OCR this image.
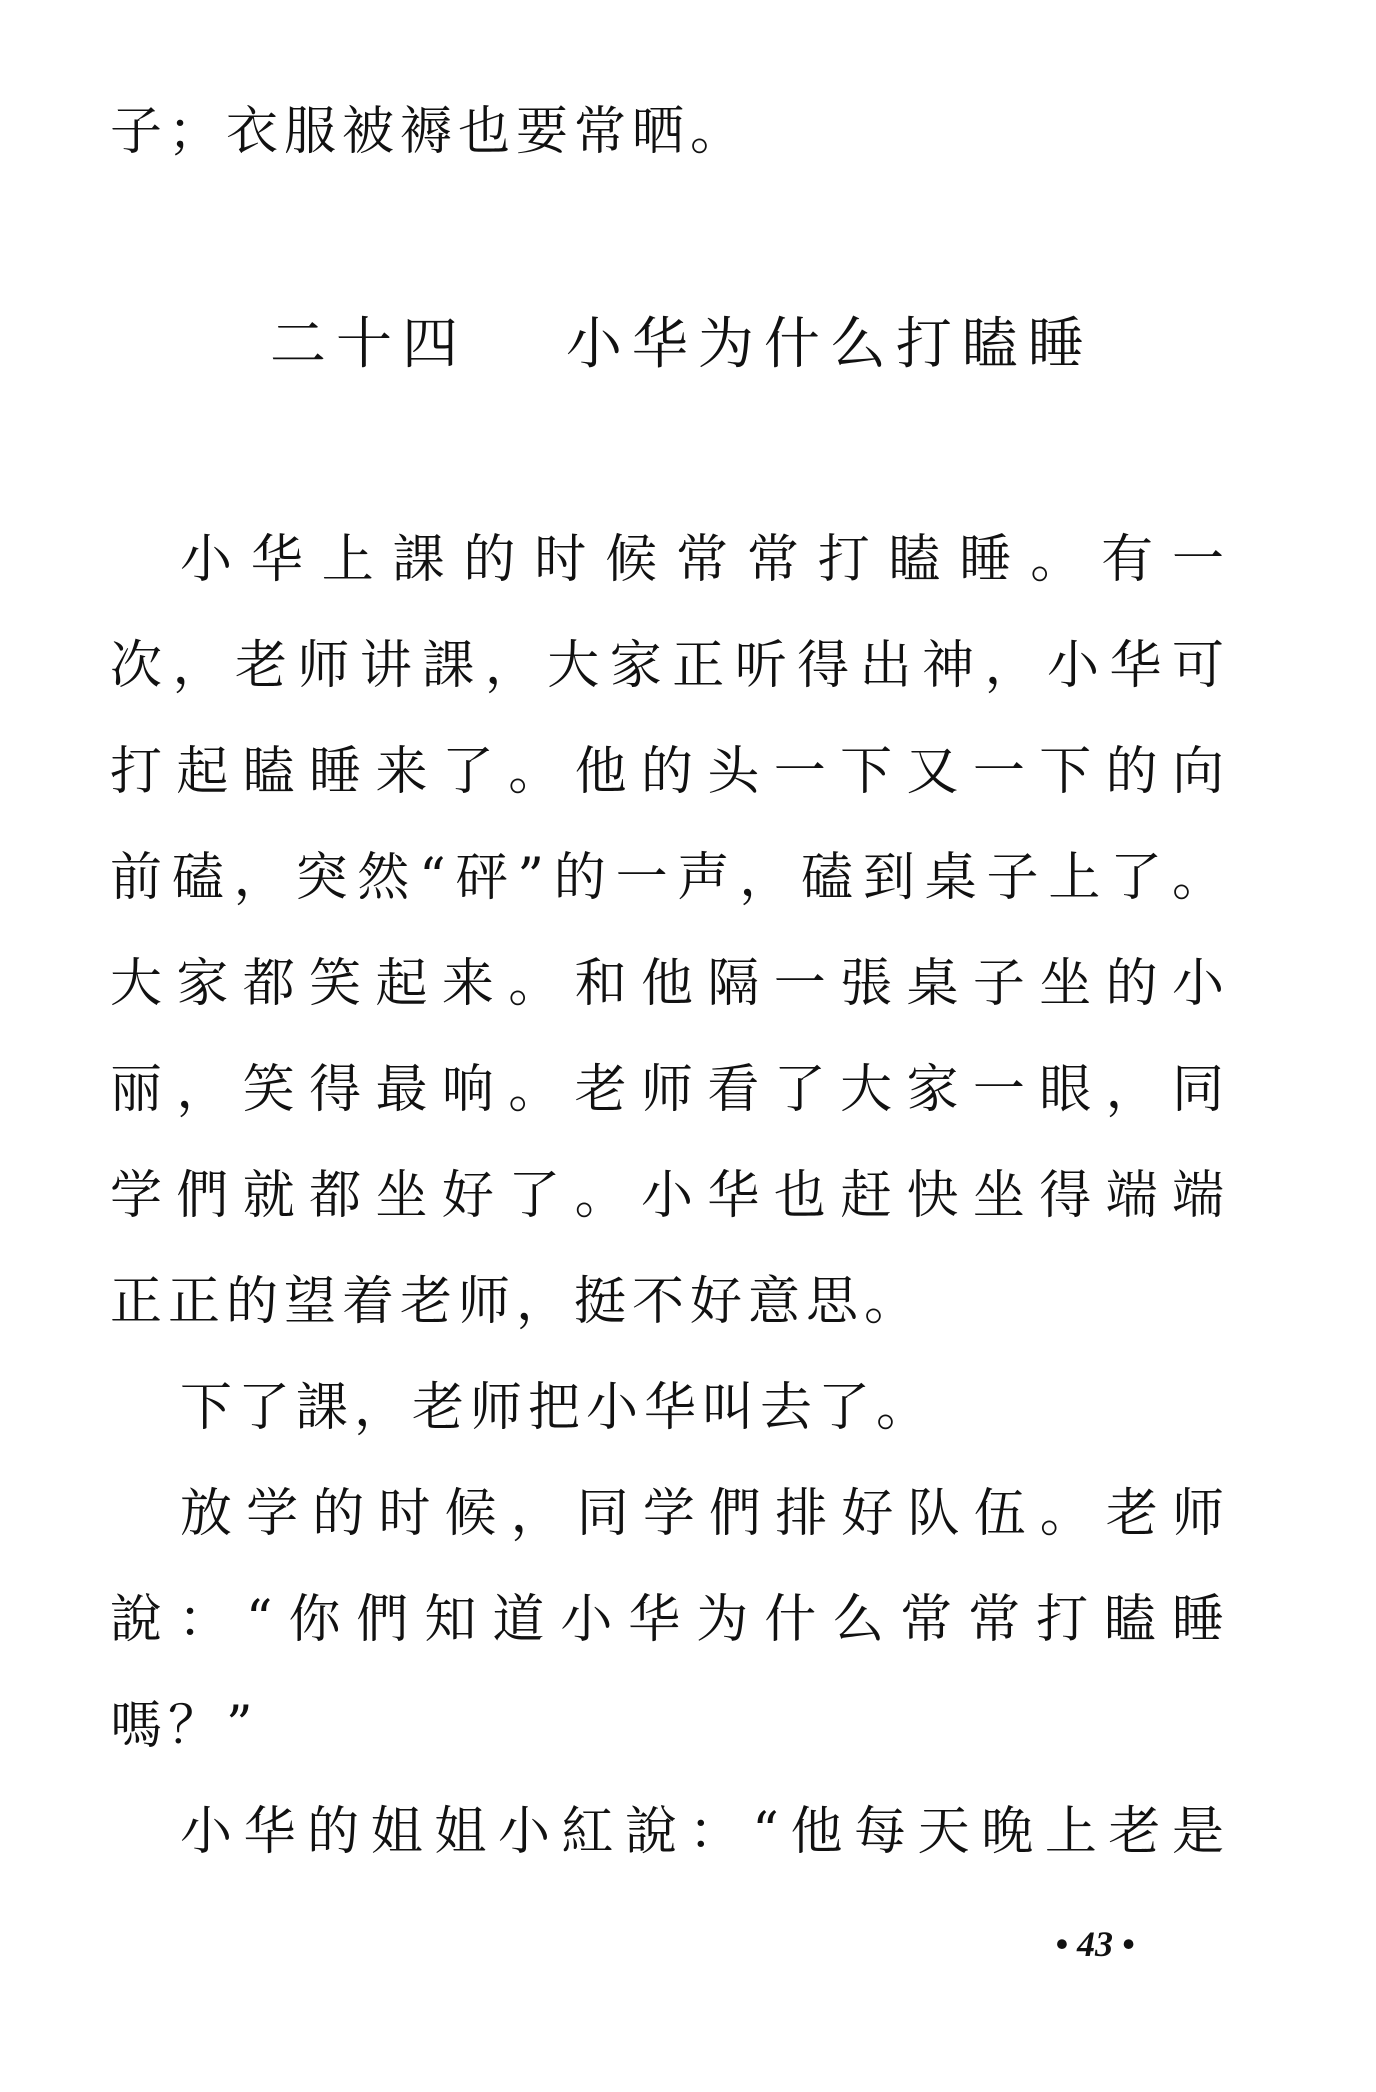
子；衣服被褥也要常晒。
二十四 小华为什么打瞌睡
小华上課的时候常常打瞌睡。有一
次，老师讲課，大家正听得出神，小华可
打起瞌睡来了。他的头一下又一下的向
前磕，突然“砰”的一声，磕到桌子上了。
大家都笑起来。和他隔一張桌子坐的小
丽，笑得最响。老师看了大家一眼，同
学們就都坐好了。小华也赶快坐得端端
正正的望着老师，挺不好意思。
下了課，老师把小华叫去了。
放学的时候，同学們排好队伍。老师
說：“你們知道小华为什么常常打瞌睡
嗎？”
小华的姐姐小紅說：“他每天晚上老是
• 43 •
